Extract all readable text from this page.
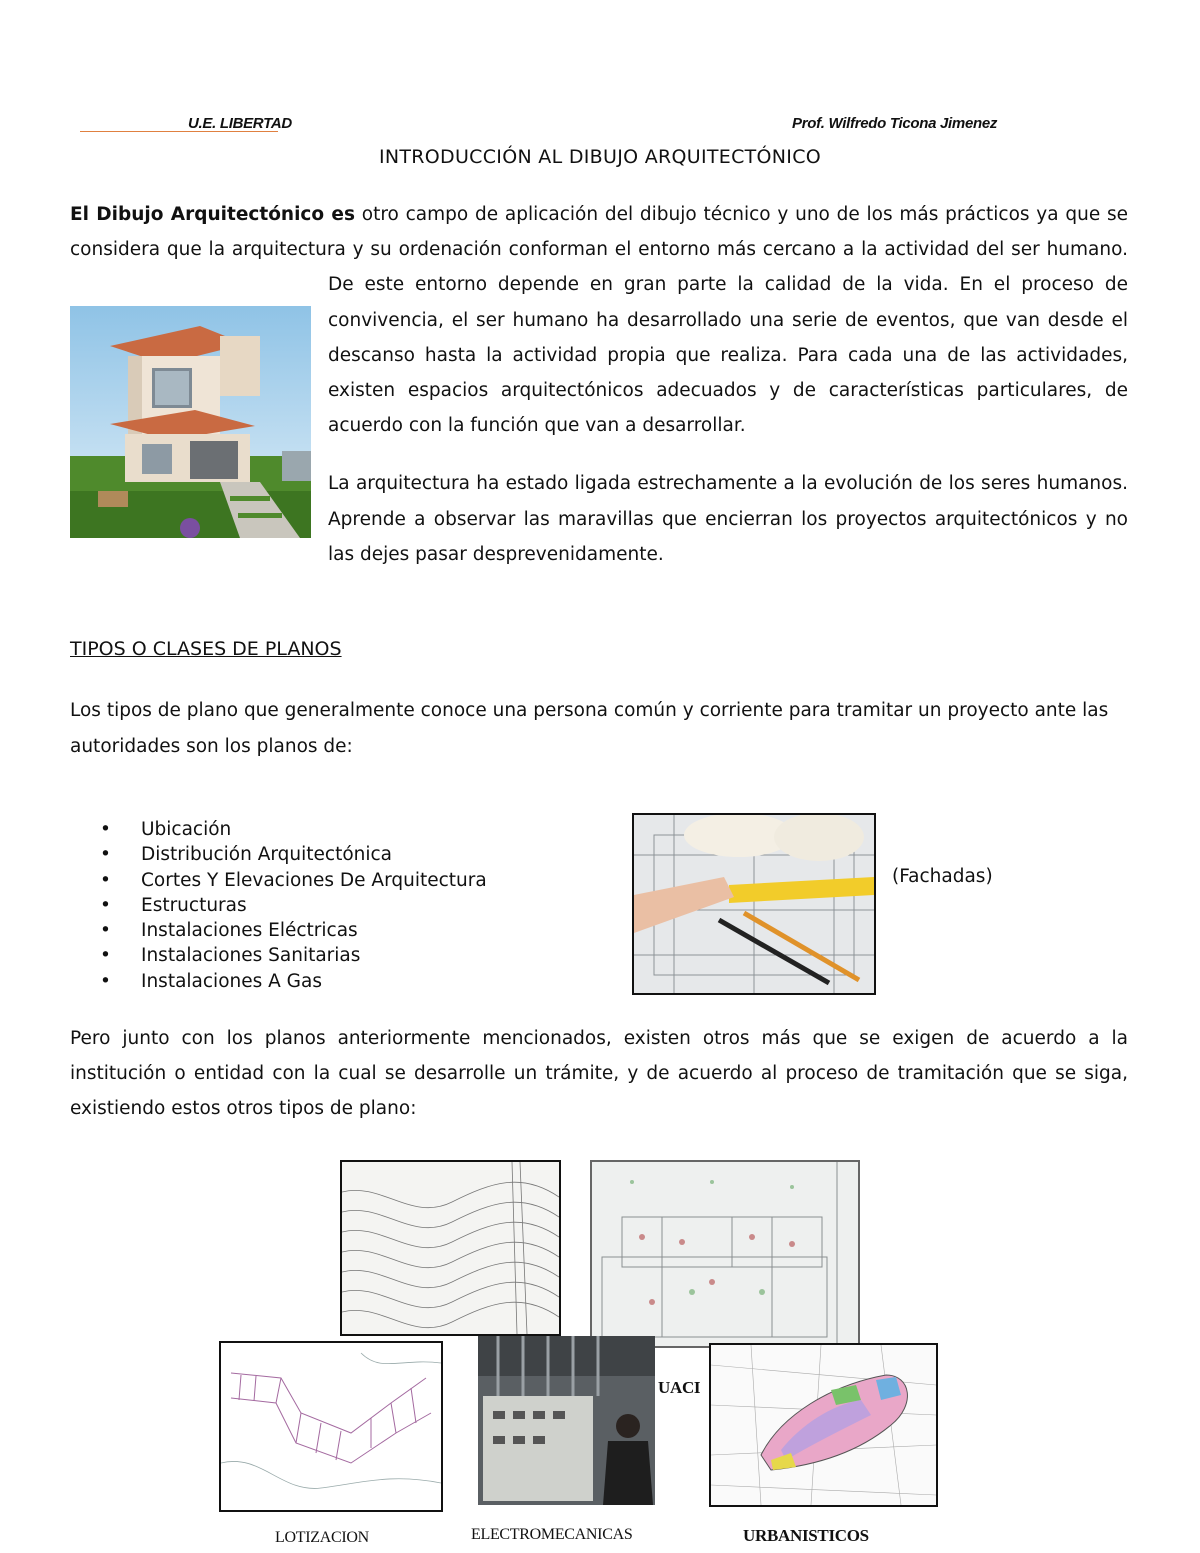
U.E. LIBERTAD	Prof. Wilfredo Ticona Jimenez
INTRODUCCIÓN AL DIBUJO ARQUITECTÓNICO

El Dibujo Arquitectónico es otro campo de aplicación del dibujo técnico y uno de los más prácticos ya que se considera que la arquitectura y su ordenación conforman el entorno más cercano a la actividad del ser humano. De este entorno depende en gran parte la calidad de la vida. En el proceso de convivencia, el ser humano ha desarrollado una serie de eventos, que van desde el descanso hasta la actividad propia que realiza. Para cada una de las actividades, existen espacios arquitectónicos adecuados y de características particulares, de acuerdo con la función que van a desarrollar.

La arquitectura ha estado ligada estrechamente a la evolución de los seres humanos. Aprende a observar las maravillas que encierran los proyectos arquitectónicos y no las dejes pasar desprevenidamente.

TIPOS O CLASES DE PLANOS
Los tipos de plano que generalmente conoce una persona común y corriente para tramitar un proyecto ante las autoridades son los planos de:
• Ubicación
• Distribución Arquitectónica
• Cortes Y Elevaciones De Arquitectura
• Estructuras
• Instalaciones Eléctricas
• Instalaciones Sanitarias
• Instalaciones A Gas
(Fachadas)
Pero junto con los planos anteriormente mencionados, existen otros más que se exigen de acuerdo a la institución o entidad con la cual se desarrolle un trámite, y de acuerdo al proceso de tramitación que se siga, existiendo estos otros tipos de plano:
UACI
LOTIZACION	ELECTROMECANICAS	URBANISTICOS
